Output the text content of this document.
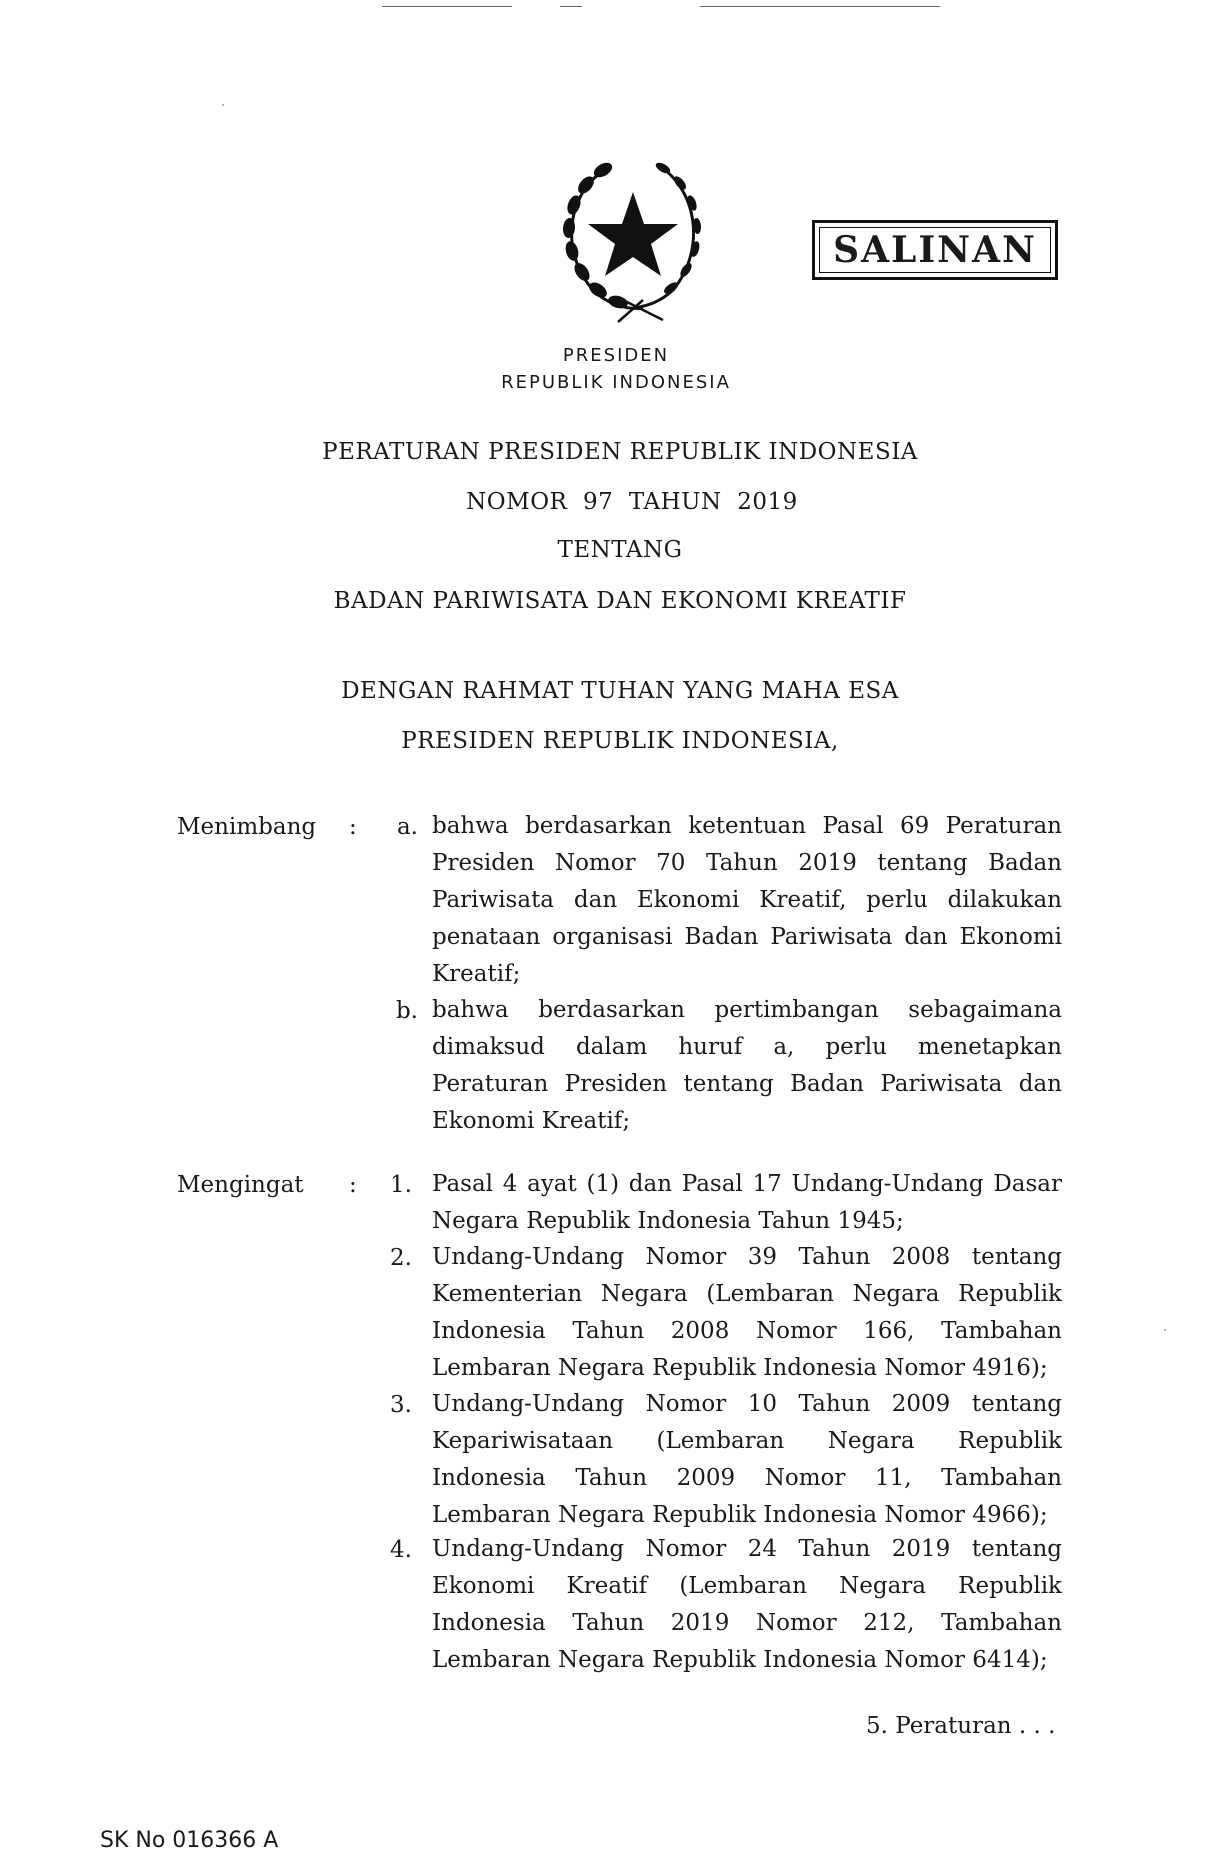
SALINAN
PRESIDEN
REPUBLIK INDONESIA
PERATURAN PRESIDEN REPUBLIK INDONESIA
NOMOR  97  TAHUN  2019
TENTANG
BADAN PARIWISATA DAN EKONOMI KREATIF
DENGAN RAHMAT TUHAN YANG MAHA ESA
PRESIDEN REPUBLIK INDONESIA,
Menimbang :	a. bahwa berdasarkan ketentuan Pasal 69 Peraturan Presiden Nomor 70 Tahun 2019 tentang Badan Pariwisata dan Ekonomi Kreatif, perlu dilakukan penataan organisasi Badan Pariwisata dan Ekonomi Kreatif;
b. bahwa berdasarkan pertimbangan sebagaimana dimaksud dalam huruf a, perlu menetapkan Peraturan Presiden tentang Badan Pariwisata dan Ekonomi Kreatif;
Mengingat :	1. Pasal 4 ayat (1) dan Pasal 17 Undang-Undang Dasar Negara Republik Indonesia Tahun 1945;
2. Undang-Undang Nomor 39 Tahun 2008 tentang Kementerian Negara (Lembaran Negara Republik Indonesia Tahun 2008 Nomor 166, Tambahan Lembaran Negara Republik Indonesia Nomor 4916);
3. Undang-Undang Nomor 10 Tahun 2009 tentang Kepariwisataan (Lembaran Negara Republik Indonesia Tahun 2009 Nomor 11, Tambahan Lembaran Negara Republik Indonesia Nomor 4966);
4. Undang-Undang Nomor 24 Tahun 2019 tentang Ekonomi Kreatif (Lembaran Negara Republik Indonesia Tahun 2019 Nomor 212, Tambahan Lembaran Negara Republik Indonesia Nomor 6414);
5. Peraturan . . .
SK No 016366 A
